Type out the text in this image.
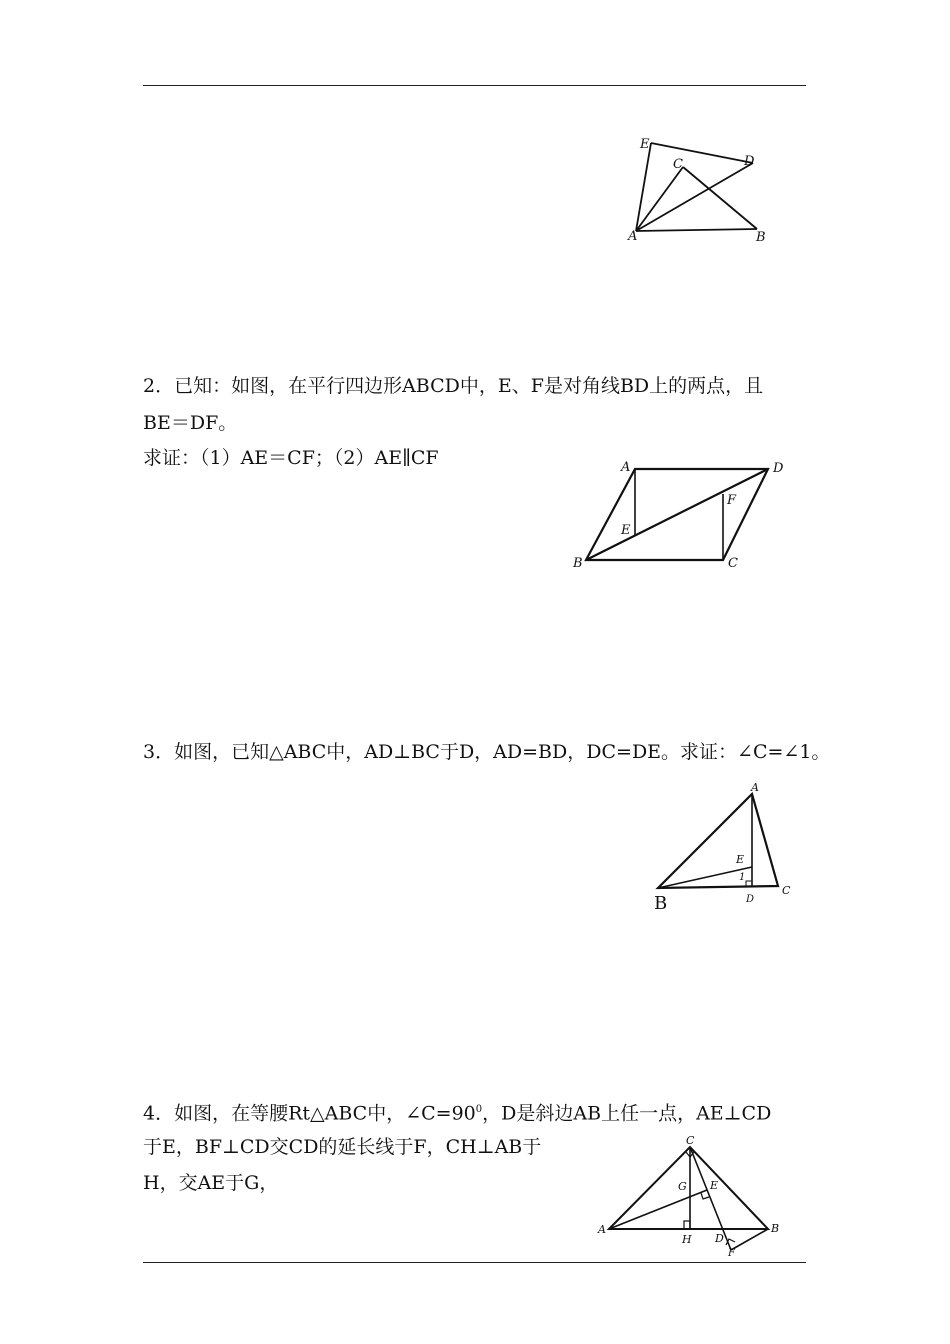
E
C	D
A	B
2．已知：如图，在平行四边形ABCD中，E、F是对角线BD上的两点，且
BE＝DF。
求证：（1）AE＝CF；（2）AE∥CF	A	D
E
F
B	C
3．如图，已知△ABC中，AD⊥BC于D，AD=BD，DC=DE。求证：∠C=∠1。
A
E
1
B	D
C
4．如图，在等腰Rt△ABC中，$\angle C=90^0$，D是斜边AB上任一点，AE⊥CD
于E，BF⊥CD交CD的延长线于F，CH⊥AB于
H，交AE于G，
C
G E
A
H D
F
B
